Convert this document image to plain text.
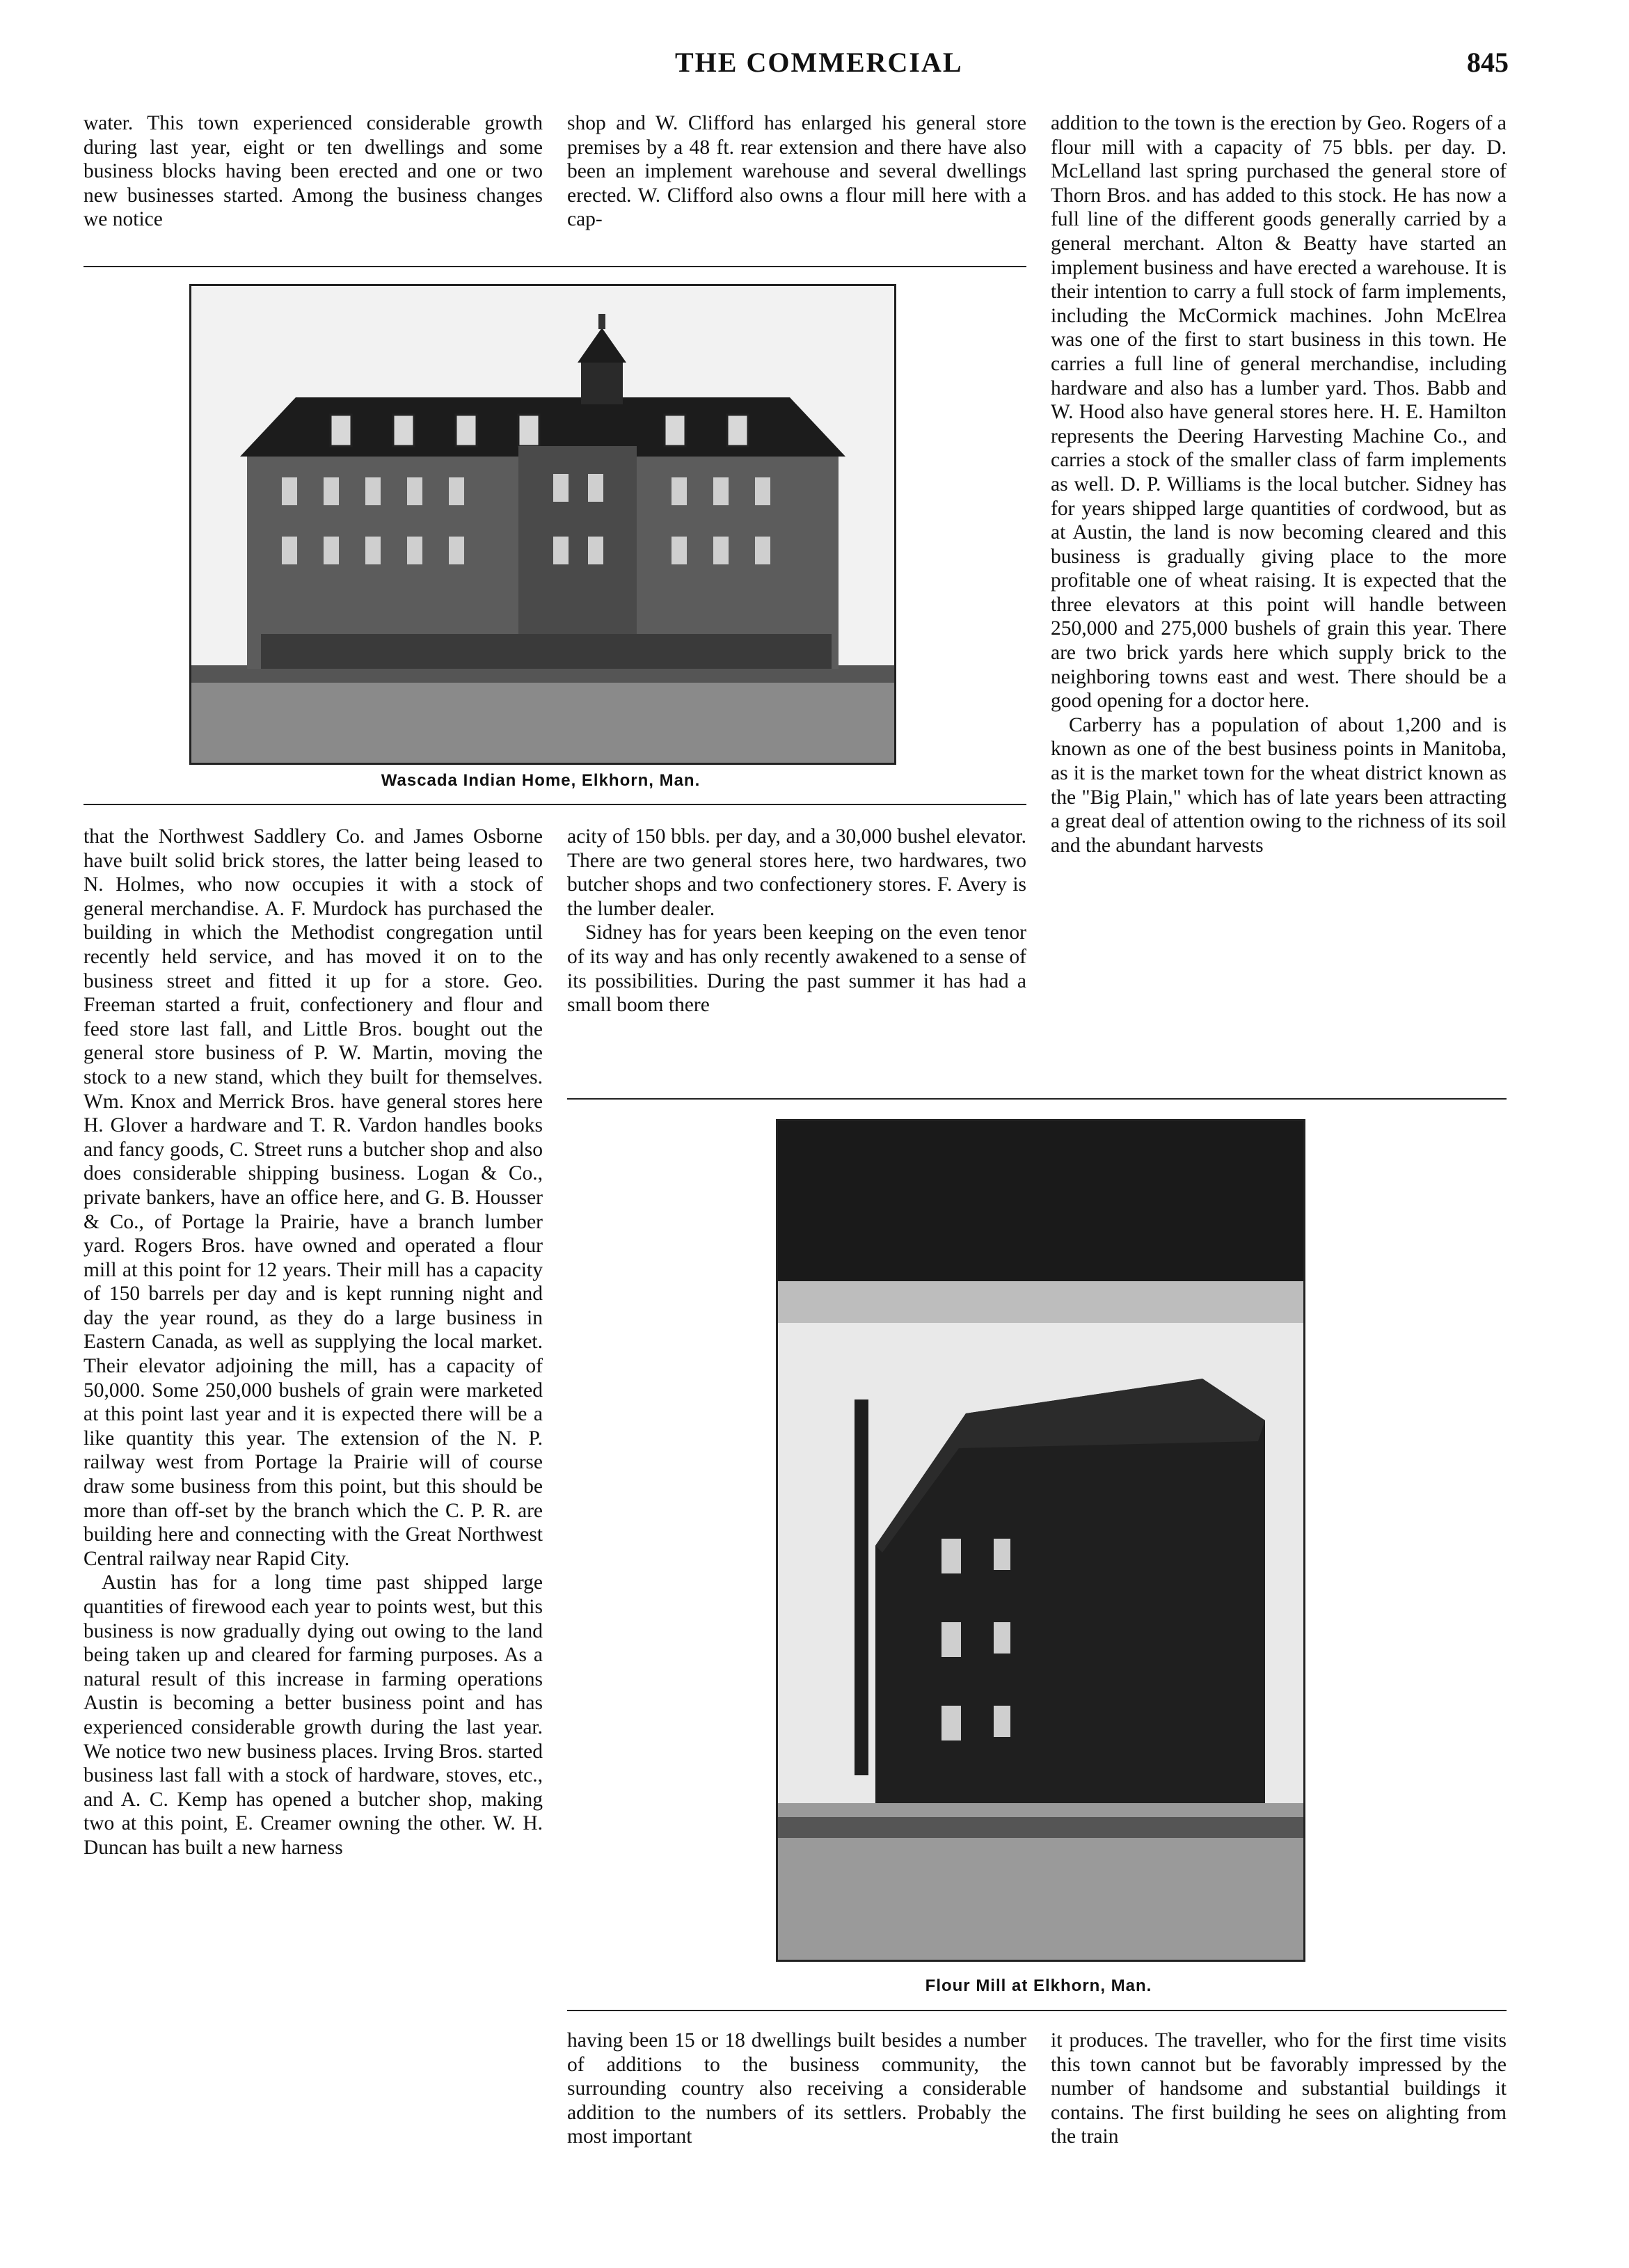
THE COMMERCIAL	845

water. This town experienced considerable growth during last year, eight or ten dwellings and some business blocks having been erected and one or two new businesses started. Among the business changes we notice

shop and W. Clifford has enlarged his general store premises by a 48 ft. rear extension and there have also been an implement warehouse and several dwellings erected. W. Clifford also owns a flour mill here with a cap-

addition to the town is the erection by Geo. Rogers of a flour mill with a capacity of 75 bbls. per day. D. McLelland last spring purchased the general store of Thorn Bros. and has added to this stock. He has now a full line of the different goods generally carried by a general merchant. Alton & Beatty have started an implement business and have erected a warehouse. It is their intention to carry a full stock of farm implements, including the McCormick machines. John McElrea was one of the first to start business in this town. He carries a full line of general merchandise, including hardware and also has a lumber yard. Thos. Babb and W. Hood also have general stores here. H. E. Hamilton represents the Deering Harvesting Machine Co., and carries a stock of the smaller class of farm implements as well. D. P. Williams is the local butcher. Sidney has for years shipped large quantities of cordwood, but as at Austin, the land is now becoming cleared and this business is gradually giving place to the more profitable one of wheat raising. It is expected that the three elevators at this point will handle between 250,000 and 275,000 bushels of grain this year. There are two brick yards here which supply brick to the neighboring towns east and west. There should be a good opening for a doctor here.

Carberry has a population of about 1,200 and is known as one of the best business points in Manitoba, as it is the market town for the wheat district known as the "Big Plain," which has of late years been attracting a great deal of attention owing to the richness of its soil and the abundant harvests

Wascada Indian Home, Elkhorn, Man.

that the Northwest Saddlery Co. and James Osborne have built solid brick stores, the latter being leased to N. Holmes, who now occupies it with a stock of general merchandise. A. F. Murdock has purchased the building in which the Methodist congregation until recently held service, and has moved it on to the business street and fitted it up for a store. Geo. Freeman started a fruit, confectionery and flour and feed store last fall, and Little Bros. bought out the general store business of P. W. Martin, moving the stock to a new stand, which they built for themselves. Wm. Knox and Merrick Bros. have general stores here H. Glover a hardware and T. R. Vardon handles books and fancy goods, C. Street runs a butcher shop and also does considerable shipping business. Logan & Co., private bankers, have an office here, and G. B. Housser & Co., of Portage la Prairie, have a branch lumber yard. Rogers Bros. have owned and operated a flour mill at this point for 12 years. Their mill has a capacity of 150 barrels per day and is kept running night and day the year round, as they do a large business in Eastern Canada, as well as supplying the local market. Their elevator adjoining the mill, has a capacity of 50,000. Some 250,000 bushels of grain were marketed at this point last year and it is expected there will be a like quantity this year. The extension of the N. P. railway west from Portage la Prairie will of course draw some business from this point, but this should be more than off-set by the branch which the C. P. R. are building here and connecting with the Great Northwest Central railway near Rapid City.

Austin has for a long time past shipped large quantities of firewood each year to points west, but this business is now gradually dying out owing to the land being taken up and cleared for farming purposes. As a natural result of this increase in farming operations Austin is becoming a better business point and has experienced considerable growth during the last year. We notice two new business places. Irving Bros. started business last fall with a stock of hardware, stoves, etc., and A. C. Kemp has opened a butcher shop, making two at this point, E. Creamer owning the other. W. H. Duncan has built a new harness

acity of 150 bbls. per day, and a 30,000 bushel elevator. There are two general stores here, two hardwares, two butcher shops and two confectionery stores. F. Avery is the lumber dealer.

Sidney has for years been keeping on the even tenor of its way and has only recently awakened to a sense of its possibilities. During the past summer it has had a small boom there

Flour Mill at Elkhorn, Man.

having been 15 or 18 dwellings built besides a number of additions to the business community, the surrounding country also receiving a considerable addition to the numbers of its settlers. Probably the most important

it produces. The traveller, who for the first time visits this town cannot but be favorably impressed by the number of handsome and substantial buildings it contains. The first building he sees on alighting from the train
